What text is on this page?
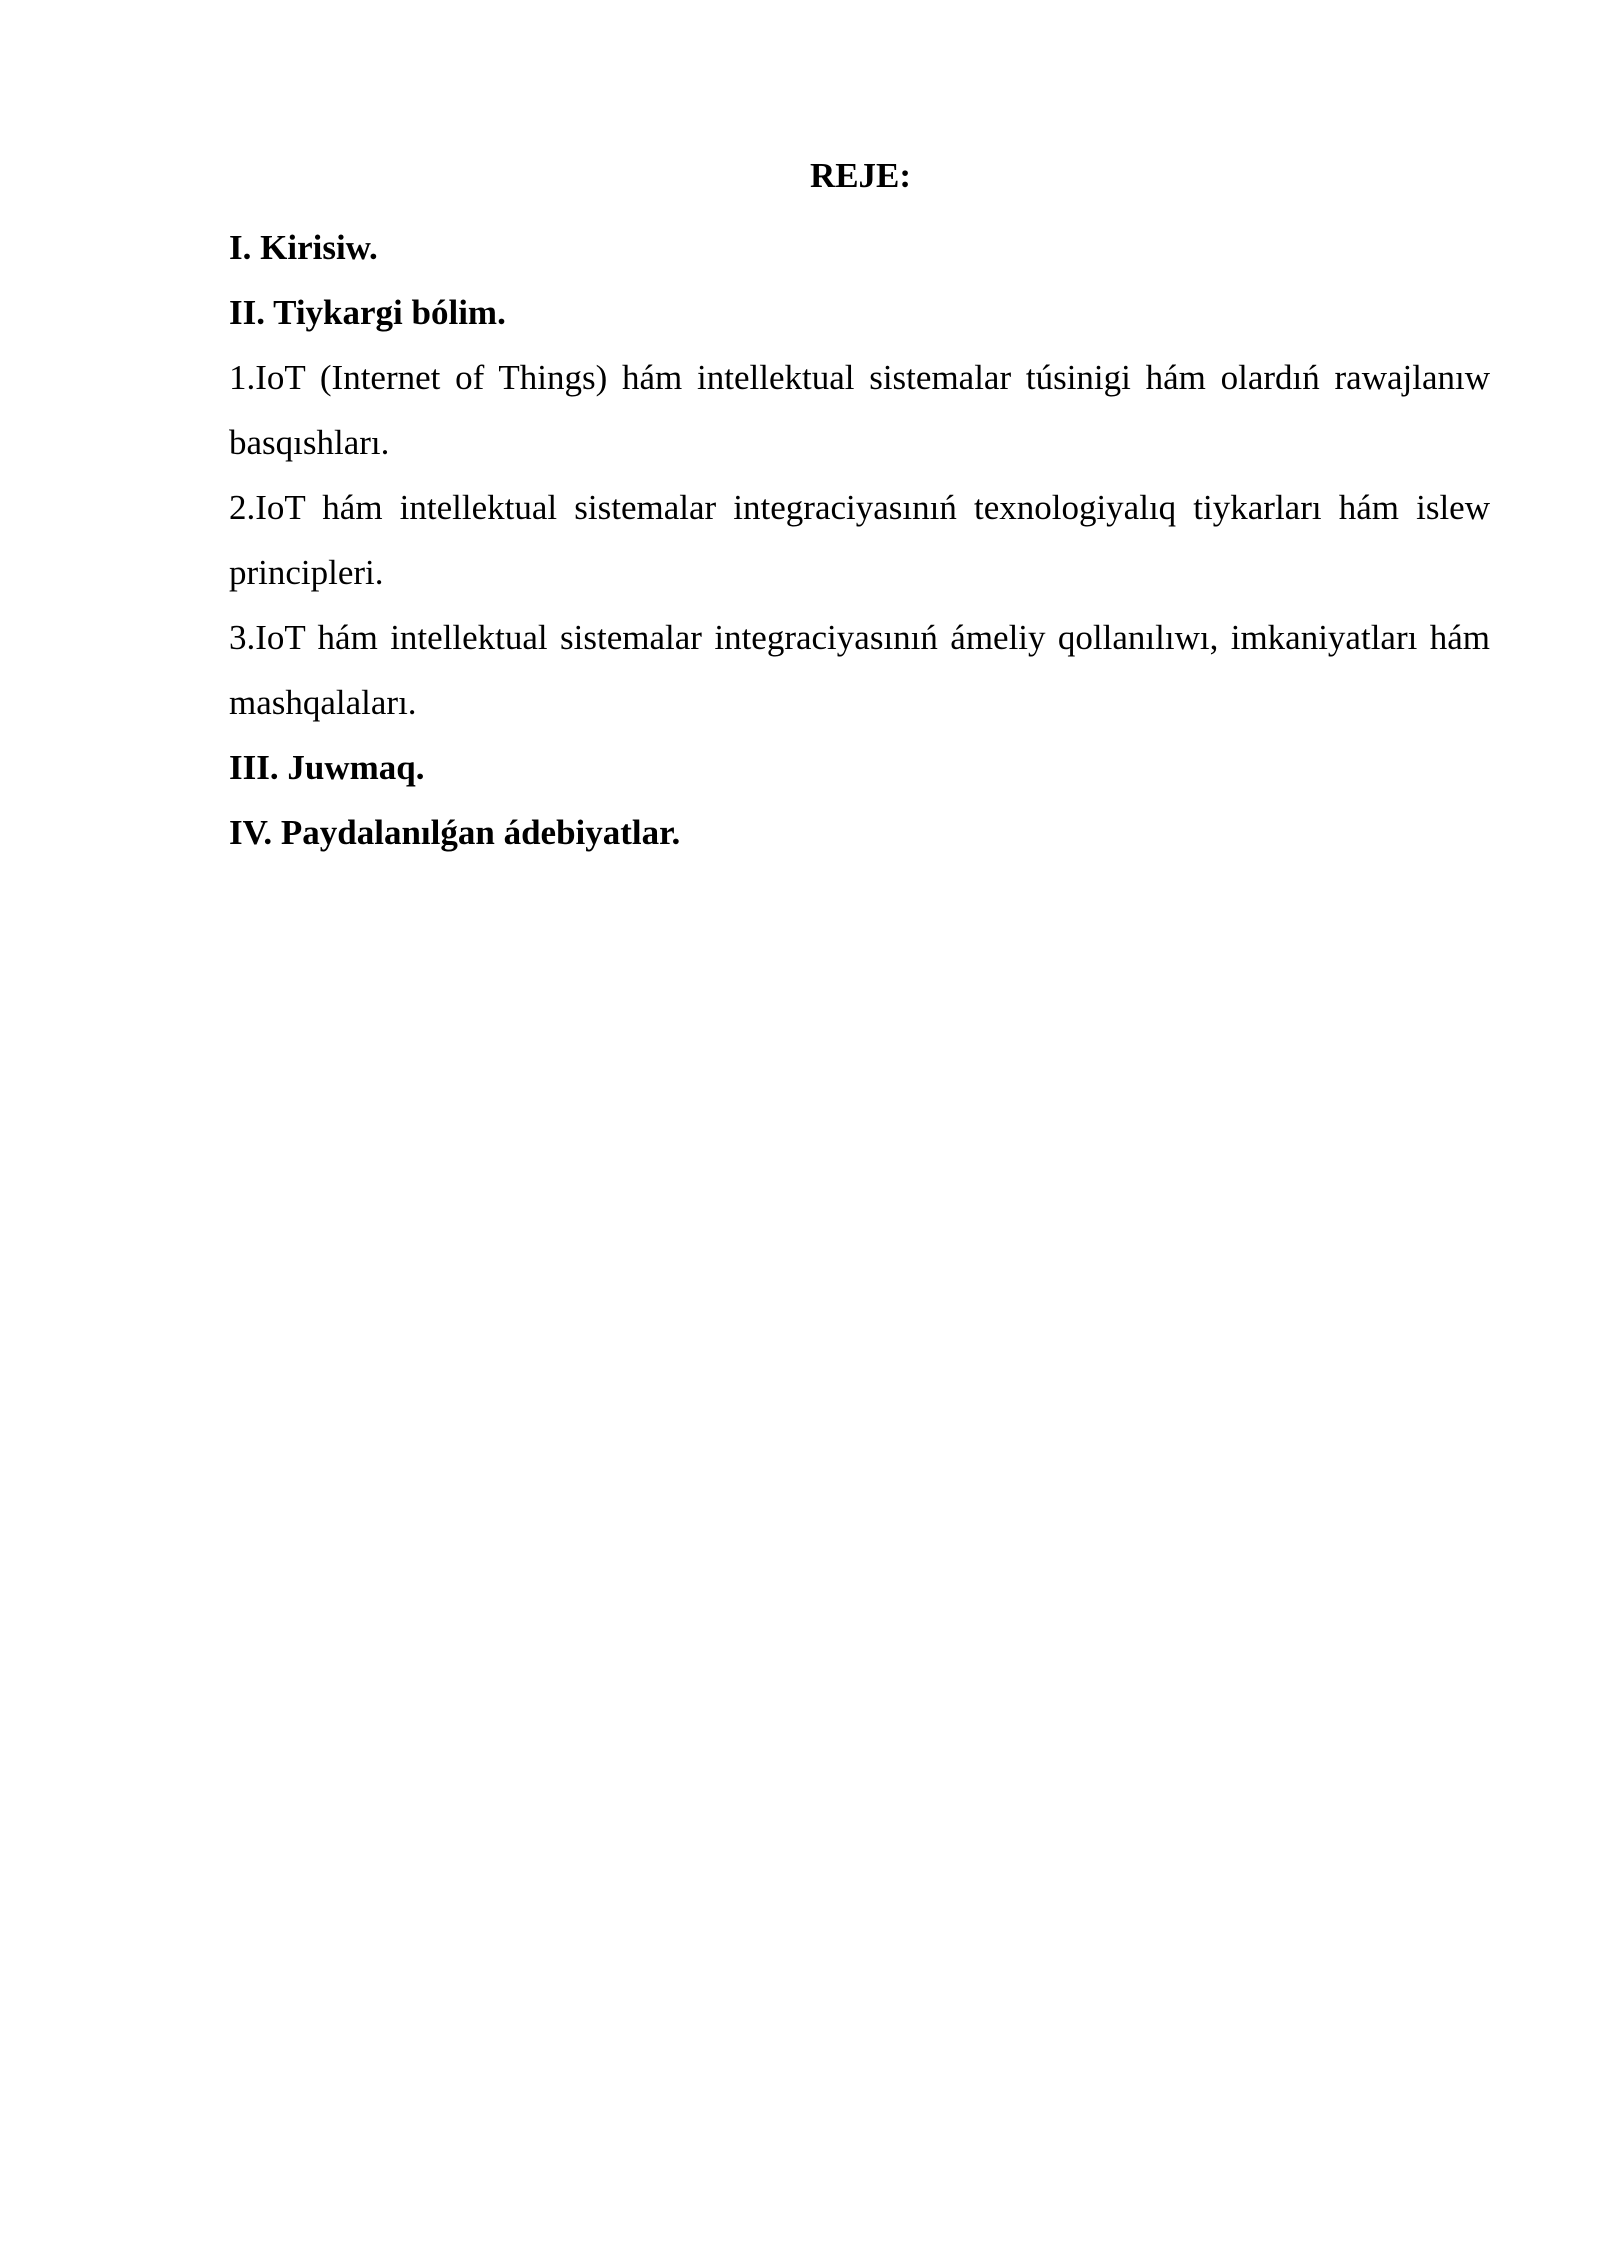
REJE:

I. Kirisiw.

II. Tiykargi bólim.

1.IoT (Internet of Things) hám intellektual sistemalar túsinigi hám olardıń rawajlanıw basqıshları.

2.IoT hám intellektual sistemalar integraciyasınıń texnologiyalıq tiykarları hám islew principleri.

3.IoT hám intellektual sistemalar integraciyasınıń ámeliy qollanılıwı, imkaniyatları hám mashqalaları.

III. Juwmaq.

IV. Paydalanılǵan ádebiyatlar.
